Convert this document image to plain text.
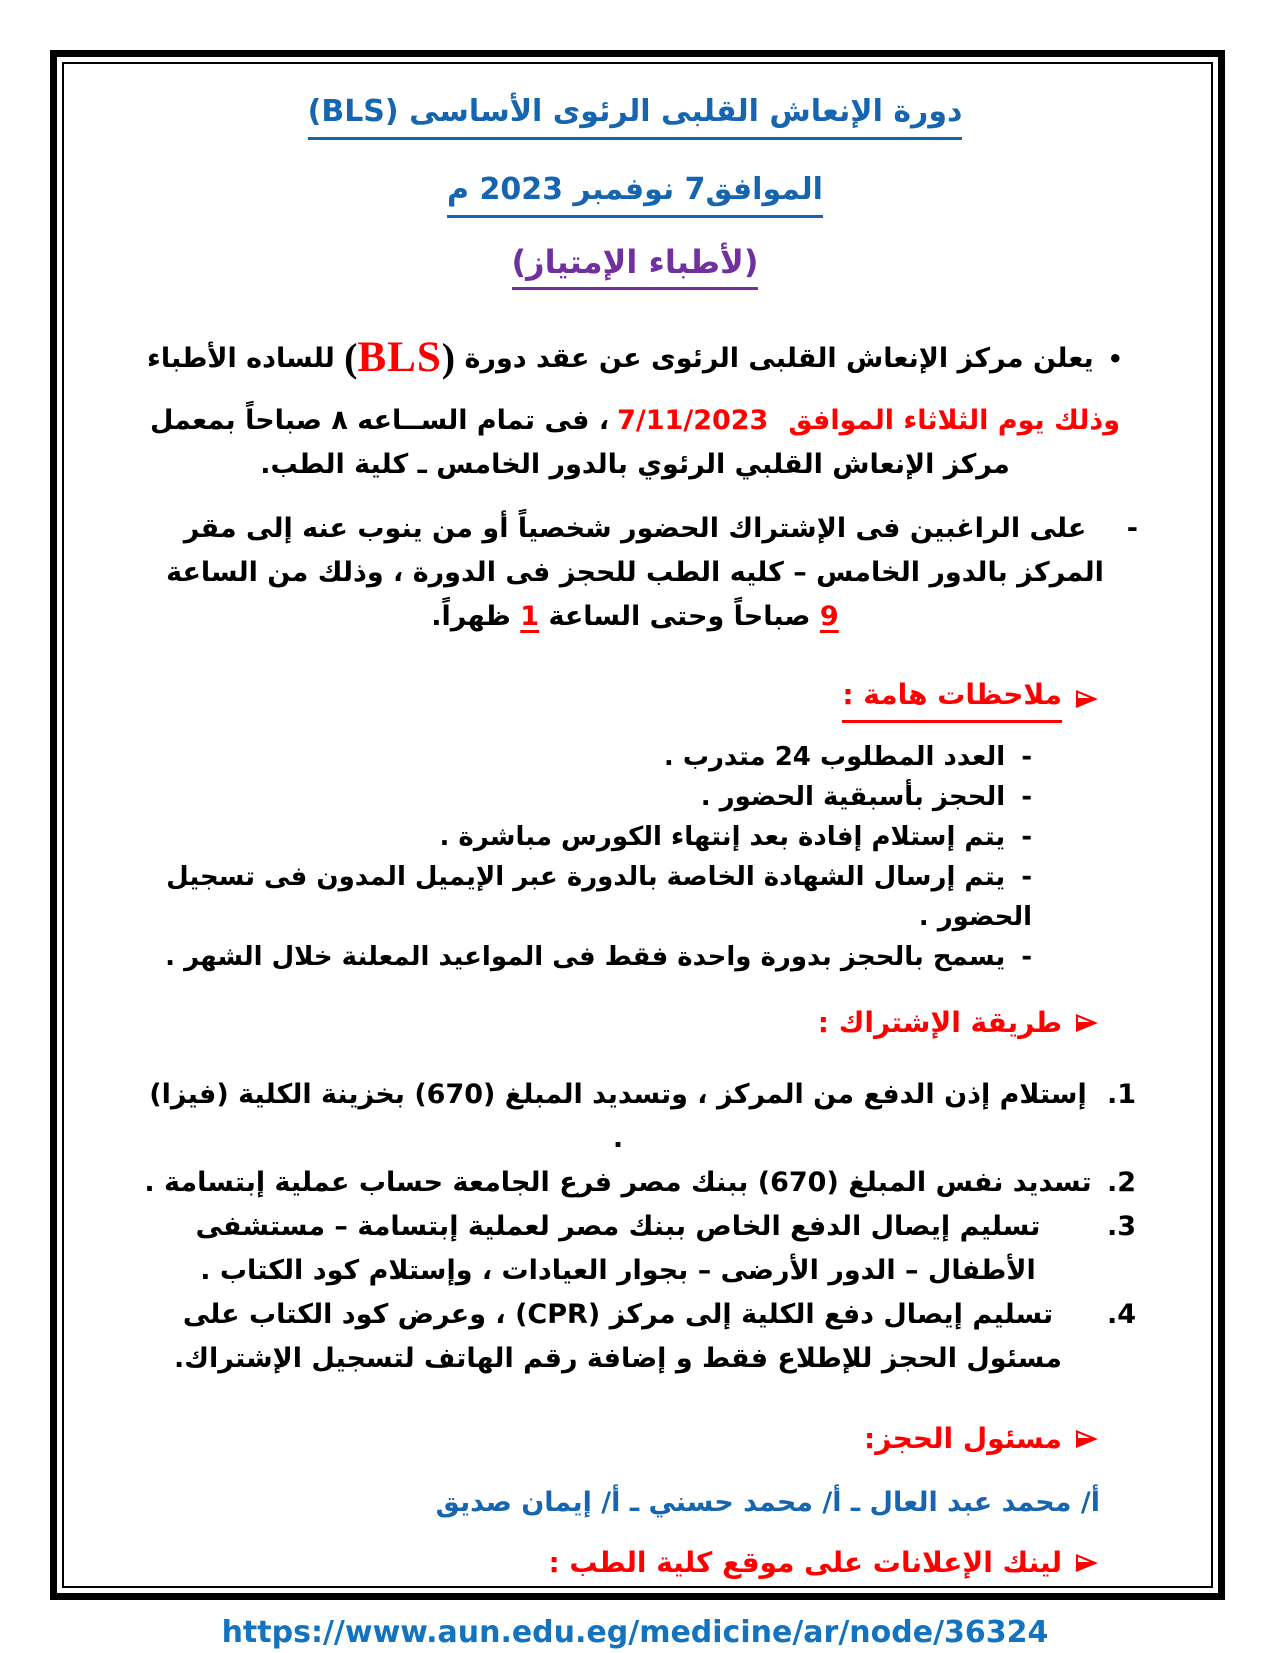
دورة الإنعاش القلبى الرئوى الأساسى (BLS)
الموافق7 نوفمبر 2023 م
(لأطباء الإمتياز)
•يعلن مركز الإنعاش القلبى الرئوى عن عقد دورة (BLS) للساده الأطباء
وذلك يوم الثلاثاء الموافق7/11/2023، فى تمام الســاعه ٨ صباحاً بمعمل مركز الإنعاش القلبي الرئوي بالدور الخامس ـ كلية الطب.
-
على الراغبين فى الإشتراك الحضور شخصياً أو من ينوب عنه إلى مقر المركز بالدور الخامس – كليه الطب للحجز فى الدورة ، وذلك من الساعة 9 صباحاً وحتى الساعة 1 ظهراً.
ملاحظات هامة :
-العدد المطلوب 24 متدرب .
-الحجز بأسبقية الحضور .
-يتم إستلام إفادة بعد إنتهاء الكورس مباشرة .
-يتم إرسال الشهادة الخاصة بالدورة عبر الإيميل المدون فى تسجيل الحضور .
-يسمح بالحجز بدورة واحدة فقط فى المواعيد المعلنة خلال الشهر .
طريقة الإشتراك :
1.
إستلام إذن الدفع من المركز ، وتسديد المبلغ (670) بخزينة الكلية (فيزا) .
2.
تسديد نفس المبلغ (670) ببنك مصر فرع الجامعة حساب عملية إبتسامة .
3.
تسليم إيصال الدفع الخاص ببنك مصر لعملية إبتسامة – مستشفى الأطفال – الدور الأرضى – بجوار العيادات ، وإستلام كود الكتاب .
4.
تسليم إيصال دفع الكلية إلى مركز (CPR) ، وعرض كود الكتاب على مسئول الحجز للإطلاع فقط و إضافة رقم الهاتف لتسجيل الإشتراك.
مسئول الحجز:
أ/ محمد عبد العال ـ أ/ محمد حسني ـ أ/ إيمان صديق
لينك الإعلانات على موقع كلية الطب :
https://www.aun.edu.eg/medicine/ar/node/36324
